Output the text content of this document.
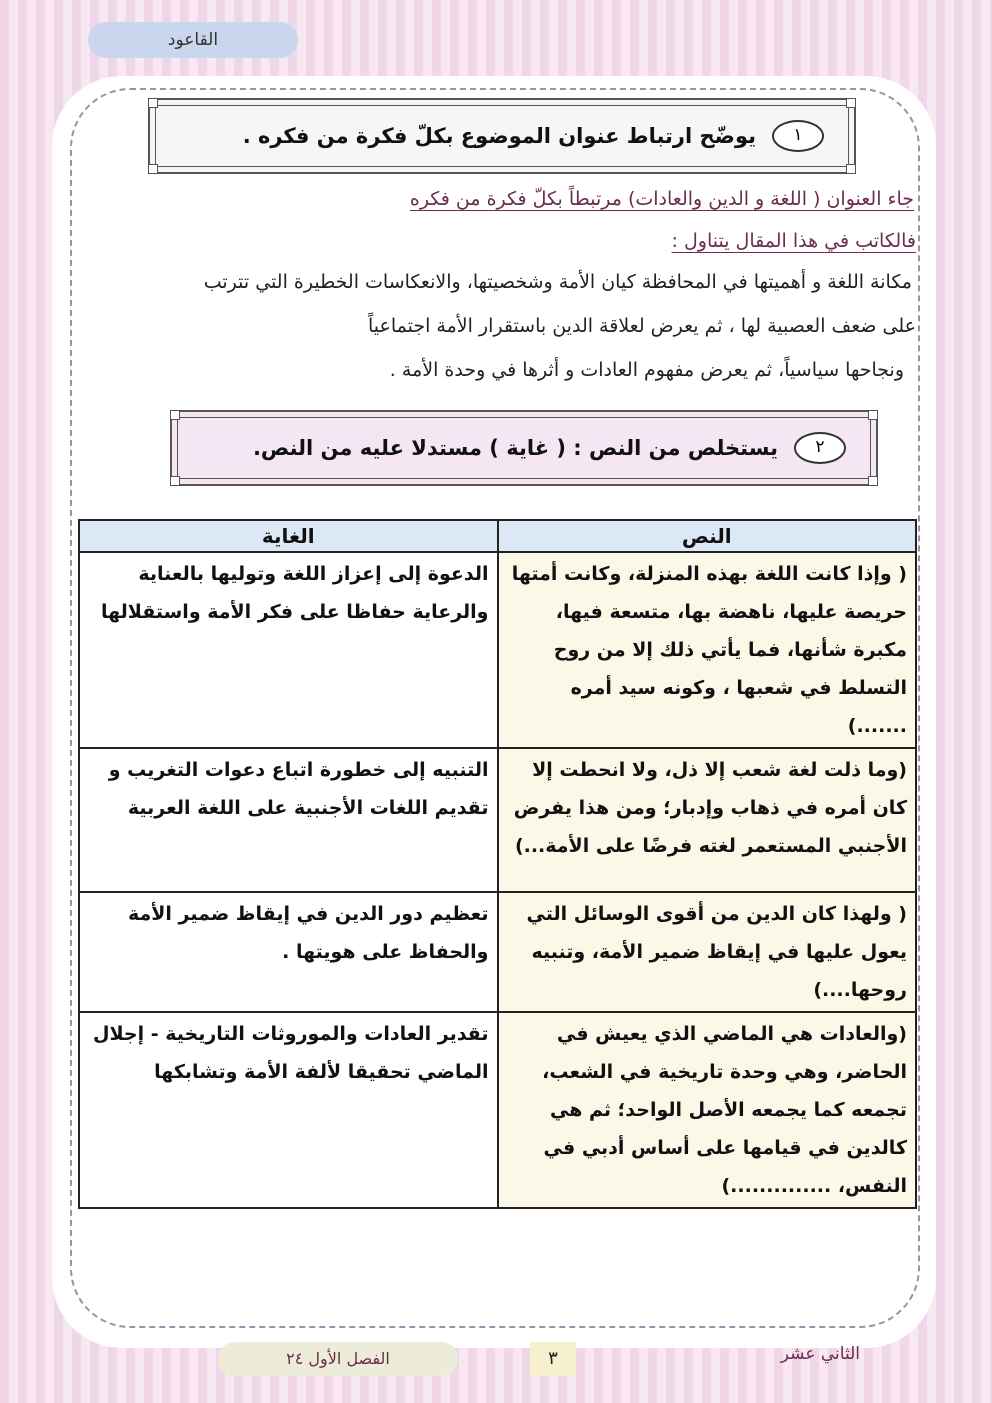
القاعود
١
يوضّح ارتباط عنوان الموضوع بكلّ فكرة من فكره .
جاء العنوان ( اللغة و الدين والعادات) مرتبطاً بكلّ فكرة من فكره
فالكاتب في هذا المقال يتناول :
مكانة اللغة و أهميتها في المحافظة كيان الأمة وشخصيتها، والانعكاسات الخطيرة التي تترتب
على ضعف العصبية لها ، ثم يعرض لعلاقة الدين باستقرار الأمة اجتماعياً
ونجاحها سياسياً، ثم يعرض مفهوم العادات و أثرها في وحدة الأمة .
٢
يستخلص من النص : ( غاية ) مستدلا عليه من النص.
النص	الغاية
( وإذا كانت اللغة بهذه المنزلة، وكانت أمتها حريصة عليها، ناهضة بها، متسعة فيها، مكبرة شأنها، فما يأتي ذلك إلا من روح التسلط في شعبها ، وكونه سيد أمره .......)	الدعوة إلى إعزاز اللغة وتوليها بالعناية والرعاية حفاظا على فكر الأمة واستقلالها
(وما ذلت لغة شعب إلا ذل، ولا انحطت إلا كان أمره في ذهاب وإدبار؛ ومن هذا يفرض الأجنبي المستعمر لغته فرضًا على الأمة...)	التنبيه إلى خطورة اتباع دعوات التغريب و تقديم اللغات الأجنبية على اللغة العربية
( ولهذا كان الدين من أقوى الوسائل التي يعول عليها في إيقاظ ضمير الأمة، وتنبيه روحها....)	تعظيم دور الدين في إيقاظ ضمير الأمة والحفاظ على هويتها .
(والعادات هي الماضي الذي يعيش في الحاضر، وهي وحدة تاريخية في الشعب، تجمعه كما يجمعه الأصل الواحد؛ ثم هي كالدين في قيامها على أساس أدبي في النفس، ..............)	تقدير العادات والموروثات التاريخية - إجلال الماضي تحقيقا لألفة الأمة وتشابكها
الفصل الأول ٢٤	٣	الثاني عشر
